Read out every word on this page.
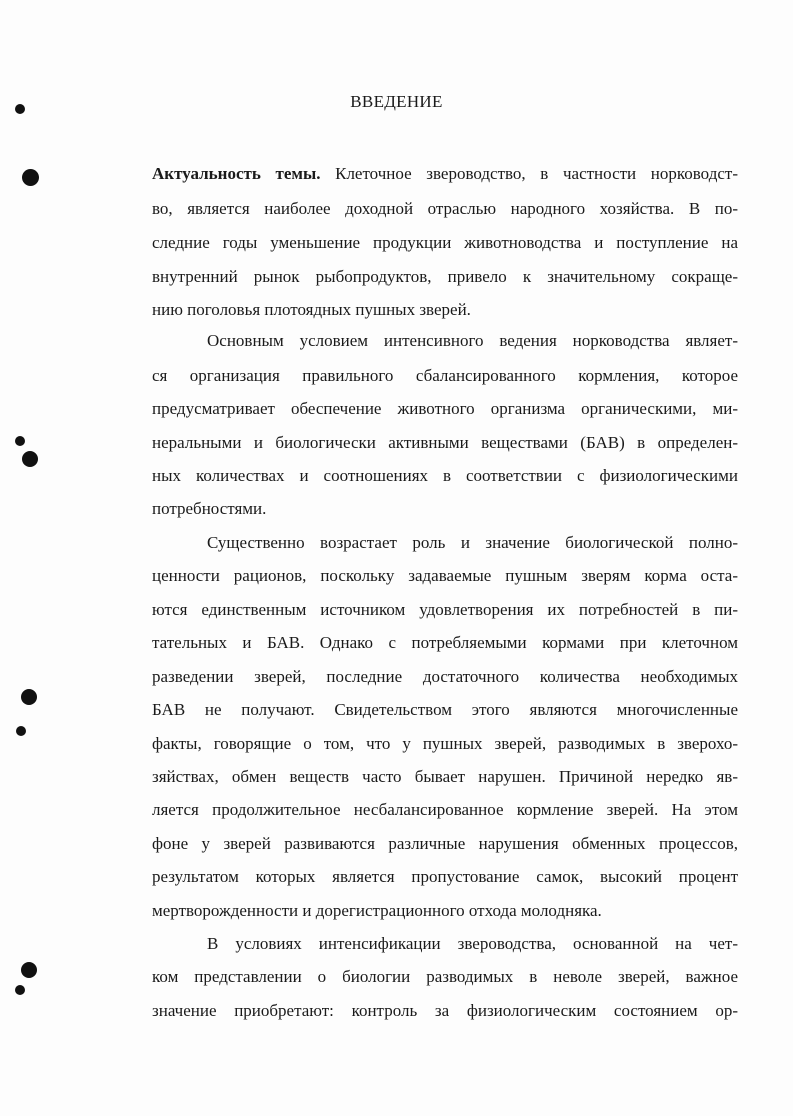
ВВЕДЕНИЕ
Актуальность темы. Клеточное звероводство, в частности норководст-
во, является наиболее доходной отраслью народного хозяйства. В по-
следние годы уменьшение продукции животноводства и поступление на
внутренний рынок рыбопродуктов, привело к значительному сокраще-
нию поголовья плотоядных пушных зверей.
Основным условием интенсивного ведения норководства являет-
ся организация правильного сбалансированного кормления, которое
предусматривает обеспечение животного организма органическими, ми-
неральными и биологически активными веществами (БАВ) в определен-
ных количествах и соотношениях в соответствии с физиологическими
потребностями.
Существенно возрастает роль и значение биологической полно-
ценности рационов, поскольку задаваемые пушным зверям корма оста-
ются единственным источником удовлетворения их потребностей в пи-
тательных и БАВ. Однако с потребляемыми кормами при клеточном
разведении зверей, последние достаточного количества необходимых
БАВ не получают. Свидетельством этого являются многочисленные
факты, говорящие о том, что у пушных зверей, разводимых в зверохо-
зяйствах, обмен веществ часто бывает нарушен. Причиной нередко яв-
ляется продолжительное несбалансированное кормление зверей. На этом
фоне у зверей развиваются различные нарушения обменных процессов,
результатом которых является пропустование самок, высокий процент
мертворожденности и дорегистрационного отхода молодняка.
В условиях интенсификации звероводства, основанной на чет-
ком представлении о биологии разводимых в неволе зверей, важное
значение приобретают: контроль за физиологическим состоянием ор-
